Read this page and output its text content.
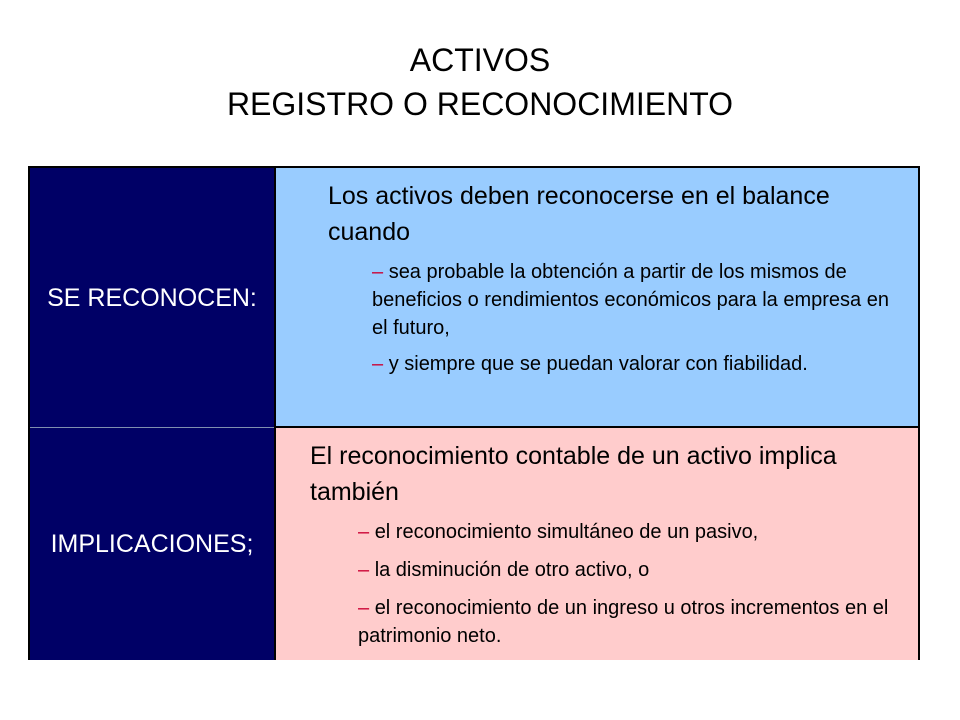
ACTIVOS
REGISTRO O RECONOCIMIENTO
SE RECONOCEN:

Los activos deben reconocerse en el balance cuando

– sea probable la obtención a partir de los mismos de beneficios o rendimientos económicos para la empresa en el futuro,

– y siempre que se puedan valorar con fiabilidad.

IMPLICACIONES;

El reconocimiento contable de un activo implica también

– el reconocimiento simultáneo de un pasivo,

– la disminución de otro activo, o

– el reconocimiento de un ingreso u otros incrementos en el patrimonio neto.
